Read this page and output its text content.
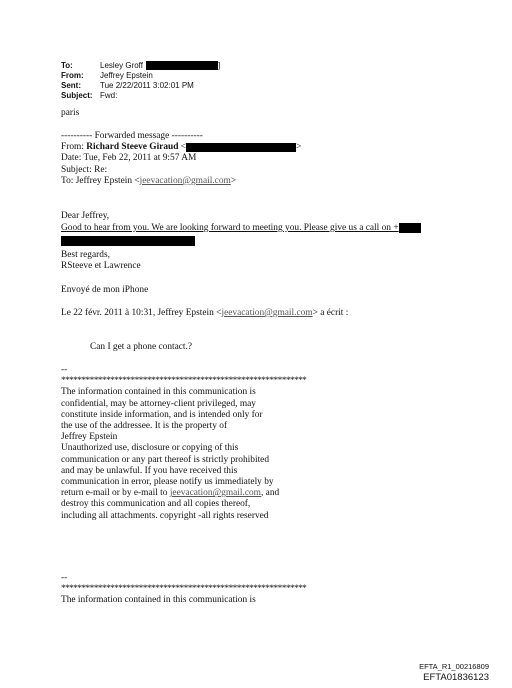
To:	Lesley Groff	]
From:	Jeffrey Epstein
Sent:	Tue 2/22/2011 3:02:01 PM
Subject: Fwd:
paris
---------- Forwarded message ----------
From: Richard Steeve Giraud <	>
Date: Tue, Feb 22, 2011 at 9:57 AM
Subject: Re:
To: Jeffrey Epstein <jeevacation@gmail.com>
Dear Jeffrey,
Good to hear from you. We are looking forward to meeting you. Please give us a call on +
Best regards,
RSteeve et Lawrence
Envoyé de mon iPhone
Le 22 févr. 2011 à 10:31, Jeffrey Epstein <jeevacation@gmail.com> a écrit :
Can I get a phone contact.?
--
************************************************************
The information contained in this communication is
confidential, may be attorney-client privileged, may
constitute inside information, and is intended only for
the use of the addressee. It is the property of
Jeffrey Epstein
Unauthorized use, disclosure or copying of this
communication or any part thereof is strictly prohibited
and may be unlawful. If you have received this
communication in error, please notify us immediately by
return e-mail or by e-mail to jeevacation@gmail.com, and
destroy this communication and all copies thereof,
including all attachments. copyright -all rights reserved
--
************************************************************
The information contained in this communication is
EFTA_R1_00216809
EFTA01836123
